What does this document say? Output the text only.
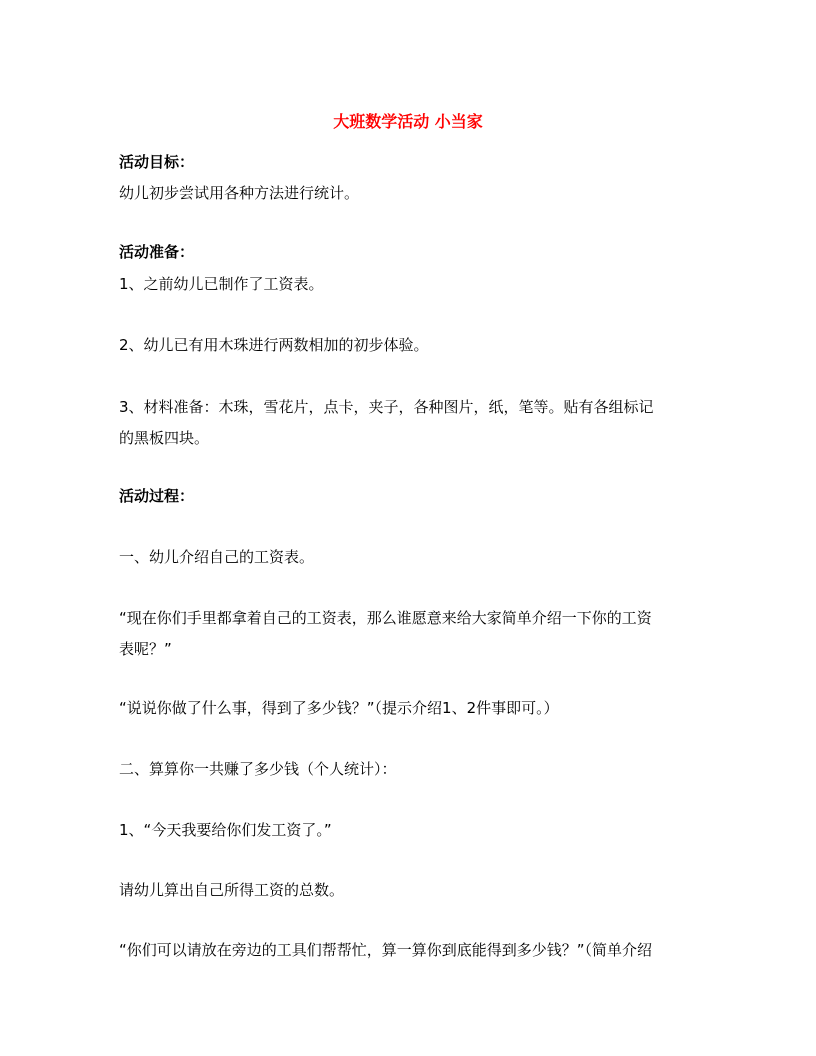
大班数学活动 小当家
活动目标：
幼儿初步尝试用各种方法进行统计。
活动准备：
1、之前幼儿已制作了工资表。
2、幼儿已有用木珠进行两数相加的初步体验。
3、材料准备：木珠，雪花片，点卡，夹子，各种图片，纸，笔等。贴有各组标记
的黑板四块。
活动过程：
一、幼儿介绍自己的工资表。
“现在你们手里都拿着自己的工资表，那么谁愿意来给大家简单介绍一下你的工资
表呢？”
“说说你做了什么事，得到了多少钱？”（提示介绍1、2件事即可。）
二、算算你一共赚了多少钱（个人统计）：
1、“今天我要给你们发工资了。”
请幼儿算出自己所得工资的总数。
“你们可以请放在旁边的工具们帮帮忙，算一算你到底能得到多少钱？”（简单介绍
